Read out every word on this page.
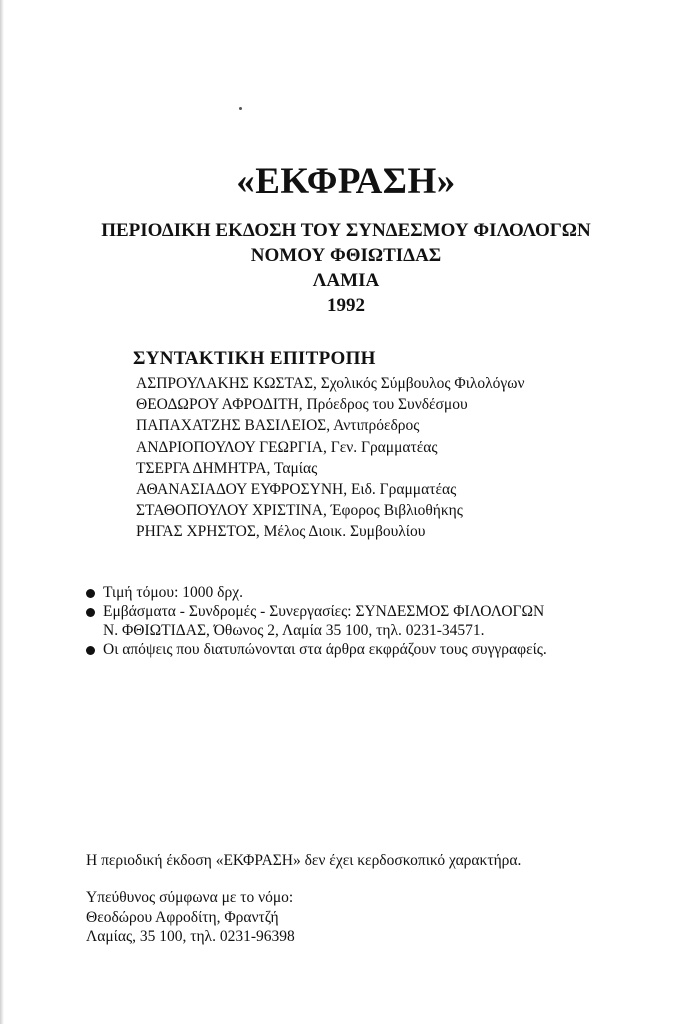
«ΕΚΦΡΑΣΗ»
ΠΕΡΙΟΔΙΚΗ ΕΚΔΟΣΗ ΤΟΥ ΣΥΝΔΕΣΜΟΥ ΦΙΛΟΛΟΓΩΝ
ΝΟΜΟΥ ΦΘΙΩΤΙΔΑΣ
ΛΑΜΙΑ
1992
ΣΥΝΤΑΚΤΙΚΗ ΕΠΙΤΡΟΠΗ
ΑΣΠΡΟΥΛΑΚΗΣ ΚΩΣΤΑΣ, Σχολικός Σύμβουλος Φιλολόγων
ΘΕΟΔΩΡΟΥ ΑΦΡΟΔΙΤΗ, Πρόεδρος του Συνδέσμου
ΠΑΠΑΧΑΤΖΗΣ ΒΑΣΙΛΕΙΟΣ, Αντιπρόεδρος
ΑΝΔΡΙΟΠΟΥΛΟΥ ΓΕΩΡΓΙΑ, Γεν. Γραμματέας
ΤΣΕΡΓΑ ΔΗΜΗΤΡΑ, Ταμίας
ΑΘΑΝΑΣΙΑΔΟΥ ΕΥΦΡΟΣΥΝΗ, Ειδ. Γραμματέας
ΣΤΑΘΟΠΟΥΛΟΥ ΧΡΙΣΤΙΝΑ, Έφορος Βιβλιοθήκης
ΡΗΓΑΣ ΧΡΗΣΤΟΣ, Μέλος Διοικ. Συμβουλίου
Τιμή τόμου: 1000 δρχ.
Εμβάσματα - Συνδρομές - Συνεργασίες: ΣΥΝΔΕΣΜΟΣ ΦΙΛΟΛΟΓΩΝ
Ν. ΦΘΙΩΤΙΔΑΣ, Όθωνος 2, Λαμία 35 100, τηλ. 0231-34571.
Οι απόψεις που διατυπώνονται στα άρθρα εκφράζουν τους συγγραφείς.
Η περιοδική έκδοση «ΕΚΦΡΑΣΗ» δεν έχει κερδοσκοπικό χαρακτήρα.
Υπεύθυνος σύμφωνα με το νόμο:
Θεοδώρου Αφροδίτη, Φραντζή
Λαμίας, 35 100, τηλ. 0231-96398
